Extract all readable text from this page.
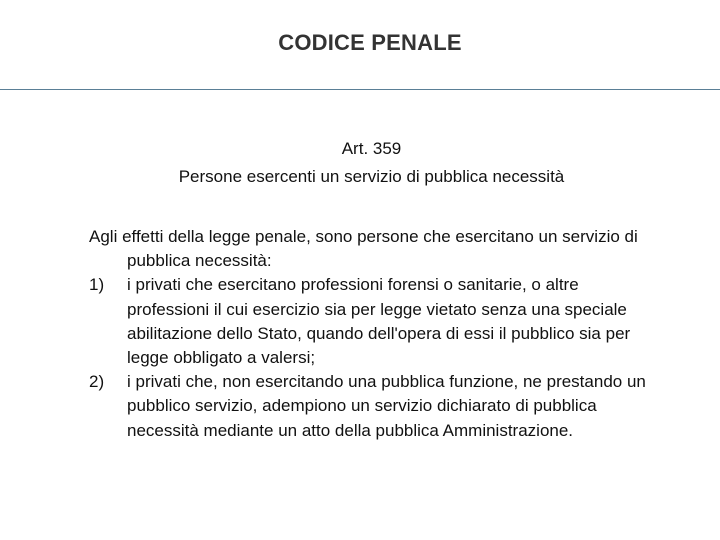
CODICE PENALE
Art. 359
Persone esercenti un servizio di pubblica necessità

Agli effetti della legge penale, sono persone che esercitano un servizio di pubblica necessità:

1)	i privati che esercitano professioni forensi o sanitarie, o altre professioni il cui esercizio sia per legge vietato senza una speciale abilitazione dello Stato, quando dell'opera di essi il pubblico sia per legge obbligato a valersi;
2)	i privati che, non esercitando una pubblica funzione, ne prestando un pubblico servizio, adempiono un servizio dichiarato di pubblica necessità mediante un atto della pubblica Amministrazione.
